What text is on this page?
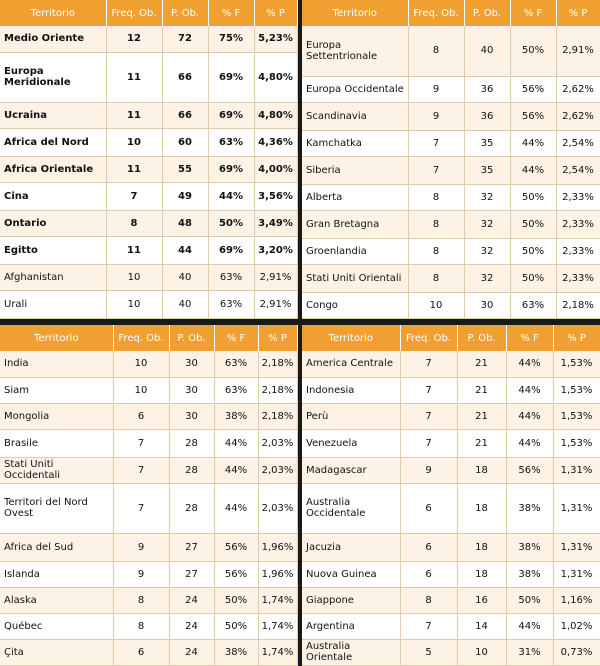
Territorio	Freq. Ob.	P. Ob.	% F	% P
Medio Oriente	12	72	75%	5,23%
Europa Meridionale	11	66	69%	4,80%
Ucraina	11	66	69%	4,80%
Africa del Nord	10	60	63%	4,36%
Africa Orientale	11	55	69%	4,00%
Cina	7	49	44%	3,56%
Ontario	8	48	50%	3,49%
Egitto	11	44	69%	3,20%
Afghanistan	10	40	63%	2,91%
Urali	10	40	63%	2,91%
Territorio	Freq. Ob.	P. Ob.	% F	% P
Europa Settentrionale	8	40	50%	2,91%
Europa Occidentale	9	36	56%	2,62%
Scandinavia	9	36	56%	2,62%
Kamchatka	7	35	44%	2,54%
Siberia	7	35	44%	2,54%
Alberta	8	32	50%	2,33%
Gran Bretagna	8	32	50%	2,33%
Groenlandia	8	32	50%	2,33%
Stati Uniti Orientali	8	32	50%	2,33%
Congo	10	30	63%	2,18%
Territorio	Freq. Ob.	P. Ob.	% F	% P
India	10	30	63%	2,18%
Siam	10	30	63%	2,18%
Mongolia	6	30	38%	2,18%
Brasile	7	28	44%	2,03%
Stati Uniti Occidentali	7	28	44%	2,03%
Territori del Nord Ovest	7	28	44%	2,03%
Africa del Sud	9	27	56%	1,96%
Islanda	9	27	56%	1,96%
Alaska	8	24	50%	1,74%
Québec	8	24	50%	1,74%
Çita	6	24	38%	1,74%
Territorio	Freq. Ob.	P. Ob.	% F	% P
America Centrale	7	21	44%	1,53%
Indonesia	7	21	44%	1,53%
Perù	7	21	44%	1,53%
Venezuela	7	21	44%	1,53%
Madagascar	9	18	56%	1,31%
Australia Occidentale	6	18	38%	1,31%
Jacuzia	6	18	38%	1,31%
Nuova Guinea	6	18	38%	1,31%
Giappone	8	16	50%	1,16%
Argentina	7	14	44%	1,02%
Australia Orientale	5	10	31%	0,73%
